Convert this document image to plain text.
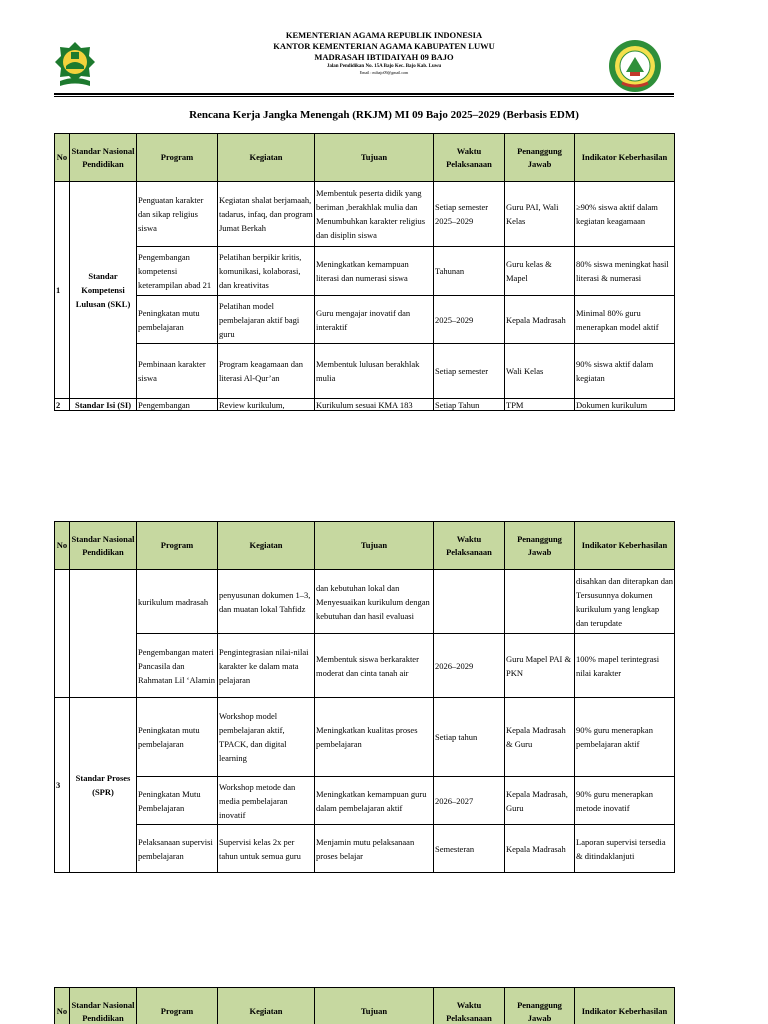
KEMENTERIAN AGAMA REPUBLIK INDONESIA
KANTOR KEMENTERIAN AGAMA KABUPATEN LUWU
MADRASAH IBTIDAIYAH 09 BAJO
Jalan Pendidikan No. 15A Bajo Kec. Bajo Kab. Luwu
Email : mibajo09@gmail.com
Rencana Kerja Jangka Menengah (RKJM) MI 09 Bajo 2025–2029 (Berbasis EDM)
No	Standar Nasional Pendidikan	Program	Kegiatan	Tujuan	Waktu Pelaksanaan	Penanggung Jawab	Indikator Keberhasilan
1	Standar Kompetensi Lulusan (SKL)	Penguatan karakter dan sikap religius siswa	Kegiatan shalat berjamaah, tadarus, infaq, dan program Jumat Berkah	Membentuk peserta didik yang beriman ,berakhlak mulia dan Menumbuhkan karakter religius dan disiplin siswa	Setiap semester 2025–2029	Guru PAI, Wali Kelas	≥90% siswa aktif dalam kegiatan keagamaan
		Pengembangan kompetensi keterampilan abad 21	Pelatihan berpikir kritis, komunikasi, kolaborasi, dan kreativitas	Meningkatkan kemampuan literasi dan numerasi siswa	Tahunan	Guru kelas & Mapel	80% siswa meningkat hasil literasi & numerasi
		Peningkatan mutu pembelajaran	Pelatihan model pembelajaran aktif bagi guru	Guru mengajar inovatif dan interaktif	2025–2029	Kepala Madrasah	Minimal 80% guru menerapkan model aktif
		Pembinaan karakter siswa	Program keagamaan dan literasi Al-Qur’an	Membentuk lulusan berakhlak mulia	Setiap semester	Wali Kelas	90% siswa aktif dalam kegiatan
2	Standar Isi (SI)	Pengembangan	Review kurikulum,	Kurikulum sesuai KMA 183	Setiap Tahun	TPM	Dokumen kurikulum
No	Standar Nasional Pendidikan	Program	Kegiatan	Tujuan	Waktu Pelaksanaan	Penanggung Jawab	Indikator Keberhasilan
		kurikulum madrasah	penyusunan dokumen 1–3, dan muatan lokal Tahfidz	dan kebutuhan lokal dan Menyesuaikan kurikulum dengan kebutuhan dan hasil evaluasi			disahkan dan diterapkan dan Tersusunnya dokumen kurikulum yang lengkap dan terupdate
		Pengembangan materi Pancasila dan Rahmatan Lil ‘Alamin	Pengintegrasian nilai-nilai karakter ke dalam mata pelajaran	Membentuk siswa berkarakter moderat dan cinta tanah air	2026–2029	Guru Mapel PAI & PKN	100% mapel terintegrasi nilai karakter
3	Standar Proses (SPR)	Peningkatan mutu pembelajaran	Workshop model pembelajaran aktif, TPACK, dan digital learning	Meningkatkan kualitas proses pembelajaran	Setiap tahun	Kepala Madrasah & Guru	90% guru menerapkan pembelajaran aktif
		Peningkatan Mutu Pembelajaran	Workshop metode dan media pembelajaran inovatif	Meningkatkan kemampuan guru dalam pembelajaran aktif	2026–2027	Kepala Madrasah, Guru	90% guru menerapkan metode inovatif
		Pelaksanaan supervisi pembelajaran	Supervisi kelas 2x per tahun untuk semua guru	Menjamin mutu pelaksanaan proses belajar	Semesteran	Kepala Madrasah	Laporan supervisi tersedia & ditindaklanjuti
No	Standar Nasional Pendidikan	Program	Kegiatan	Tujuan	Waktu Pelaksanaan	Penanggung Jawab	Indikator Keberhasilan
